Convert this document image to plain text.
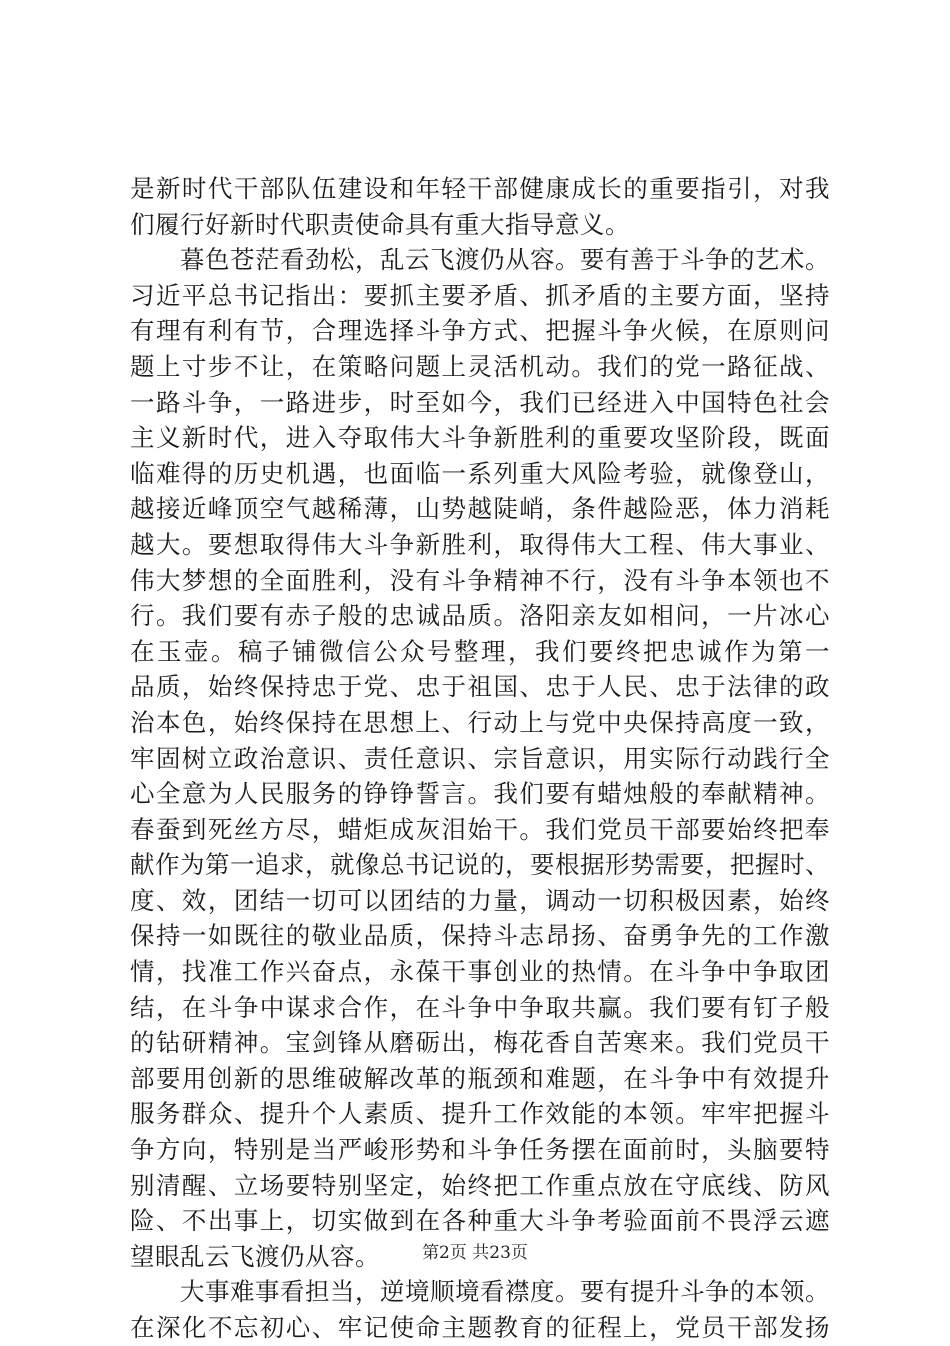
是新时代干部队伍建设和年轻干部健康成长的重要指引，对我
们履行好新时代职责使命具有重大指导意义。
暮色苍茫看劲松，乱云飞渡仍从容。要有善于斗争的艺术。
习近平总书记指出：要抓主要矛盾、抓矛盾的主要方面，坚持
有理有利有节，合理选择斗争方式、把握斗争火候，在原则问
题上寸步不让，在策略问题上灵活机动。我们的党一路征战、
一路斗争，一路进步，时至如今，我们已经进入中国特色社会
主义新时代，进入夺取伟大斗争新胜利的重要攻坚阶段，既面
临难得的历史机遇，也面临一系列重大风险考验，就像登山，
越接近峰顶空气越稀薄，山势越陡峭，条件越险恶，体力消耗
越大。要想取得伟大斗争新胜利，取得伟大工程、伟大事业、
伟大梦想的全面胜利，没有斗争精神不行，没有斗争本领也不
行。我们要有赤子般的忠诚品质。洛阳亲友如相问，一片冰心
在玉壶。稿子铺微信公众号整理，我们要终把忠诚作为第一
品质，始终保持忠于党、忠于祖国、忠于人民、忠于法律的政
治本色，始终保持在思想上、行动上与党中央保持高度一致，
牢固树立政治意识、责任意识、宗旨意识，用实际行动践行全
心全意为人民服务的铮铮誓言。我们要有蜡烛般的奉献精神。
春蚕到死丝方尽，蜡炬成灰泪始干。我们党员干部要始终把奉
献作为第一追求，就像总书记说的，要根据形势需要，把握时、
度、效，团结一切可以团结的力量，调动一切积极因素，始终
保持一如既往的敬业品质，保持斗志昂扬、奋勇争先的工作激
情，找准工作兴奋点，永葆干事创业的热情。在斗争中争取团
结，在斗争中谋求合作，在斗争中争取共赢。我们要有钉子般
的钻研精神。宝剑锋从磨砺出，梅花香自苦寒来。我们党员干
部要用创新的思维破解改革的瓶颈和难题，在斗争中有效提升
服务群众、提升个人素质、提升工作效能的本领。牢牢把握斗
争方向，特别是当严峻形势和斗争任务摆在面前时，头脑要特
别清醒、立场要特别坚定，始终把工作重点放在守底线、防风
险、不出事上，切实做到在各种重大斗争考验面前不畏浮云遮
望眼乱云飞渡仍从容。
大事难事看担当，逆境顺境看襟度。要有提升斗争的本领。
在深化不忘初心、牢记使命主题教育的征程上，党员干部发扬
第2页 共23页
